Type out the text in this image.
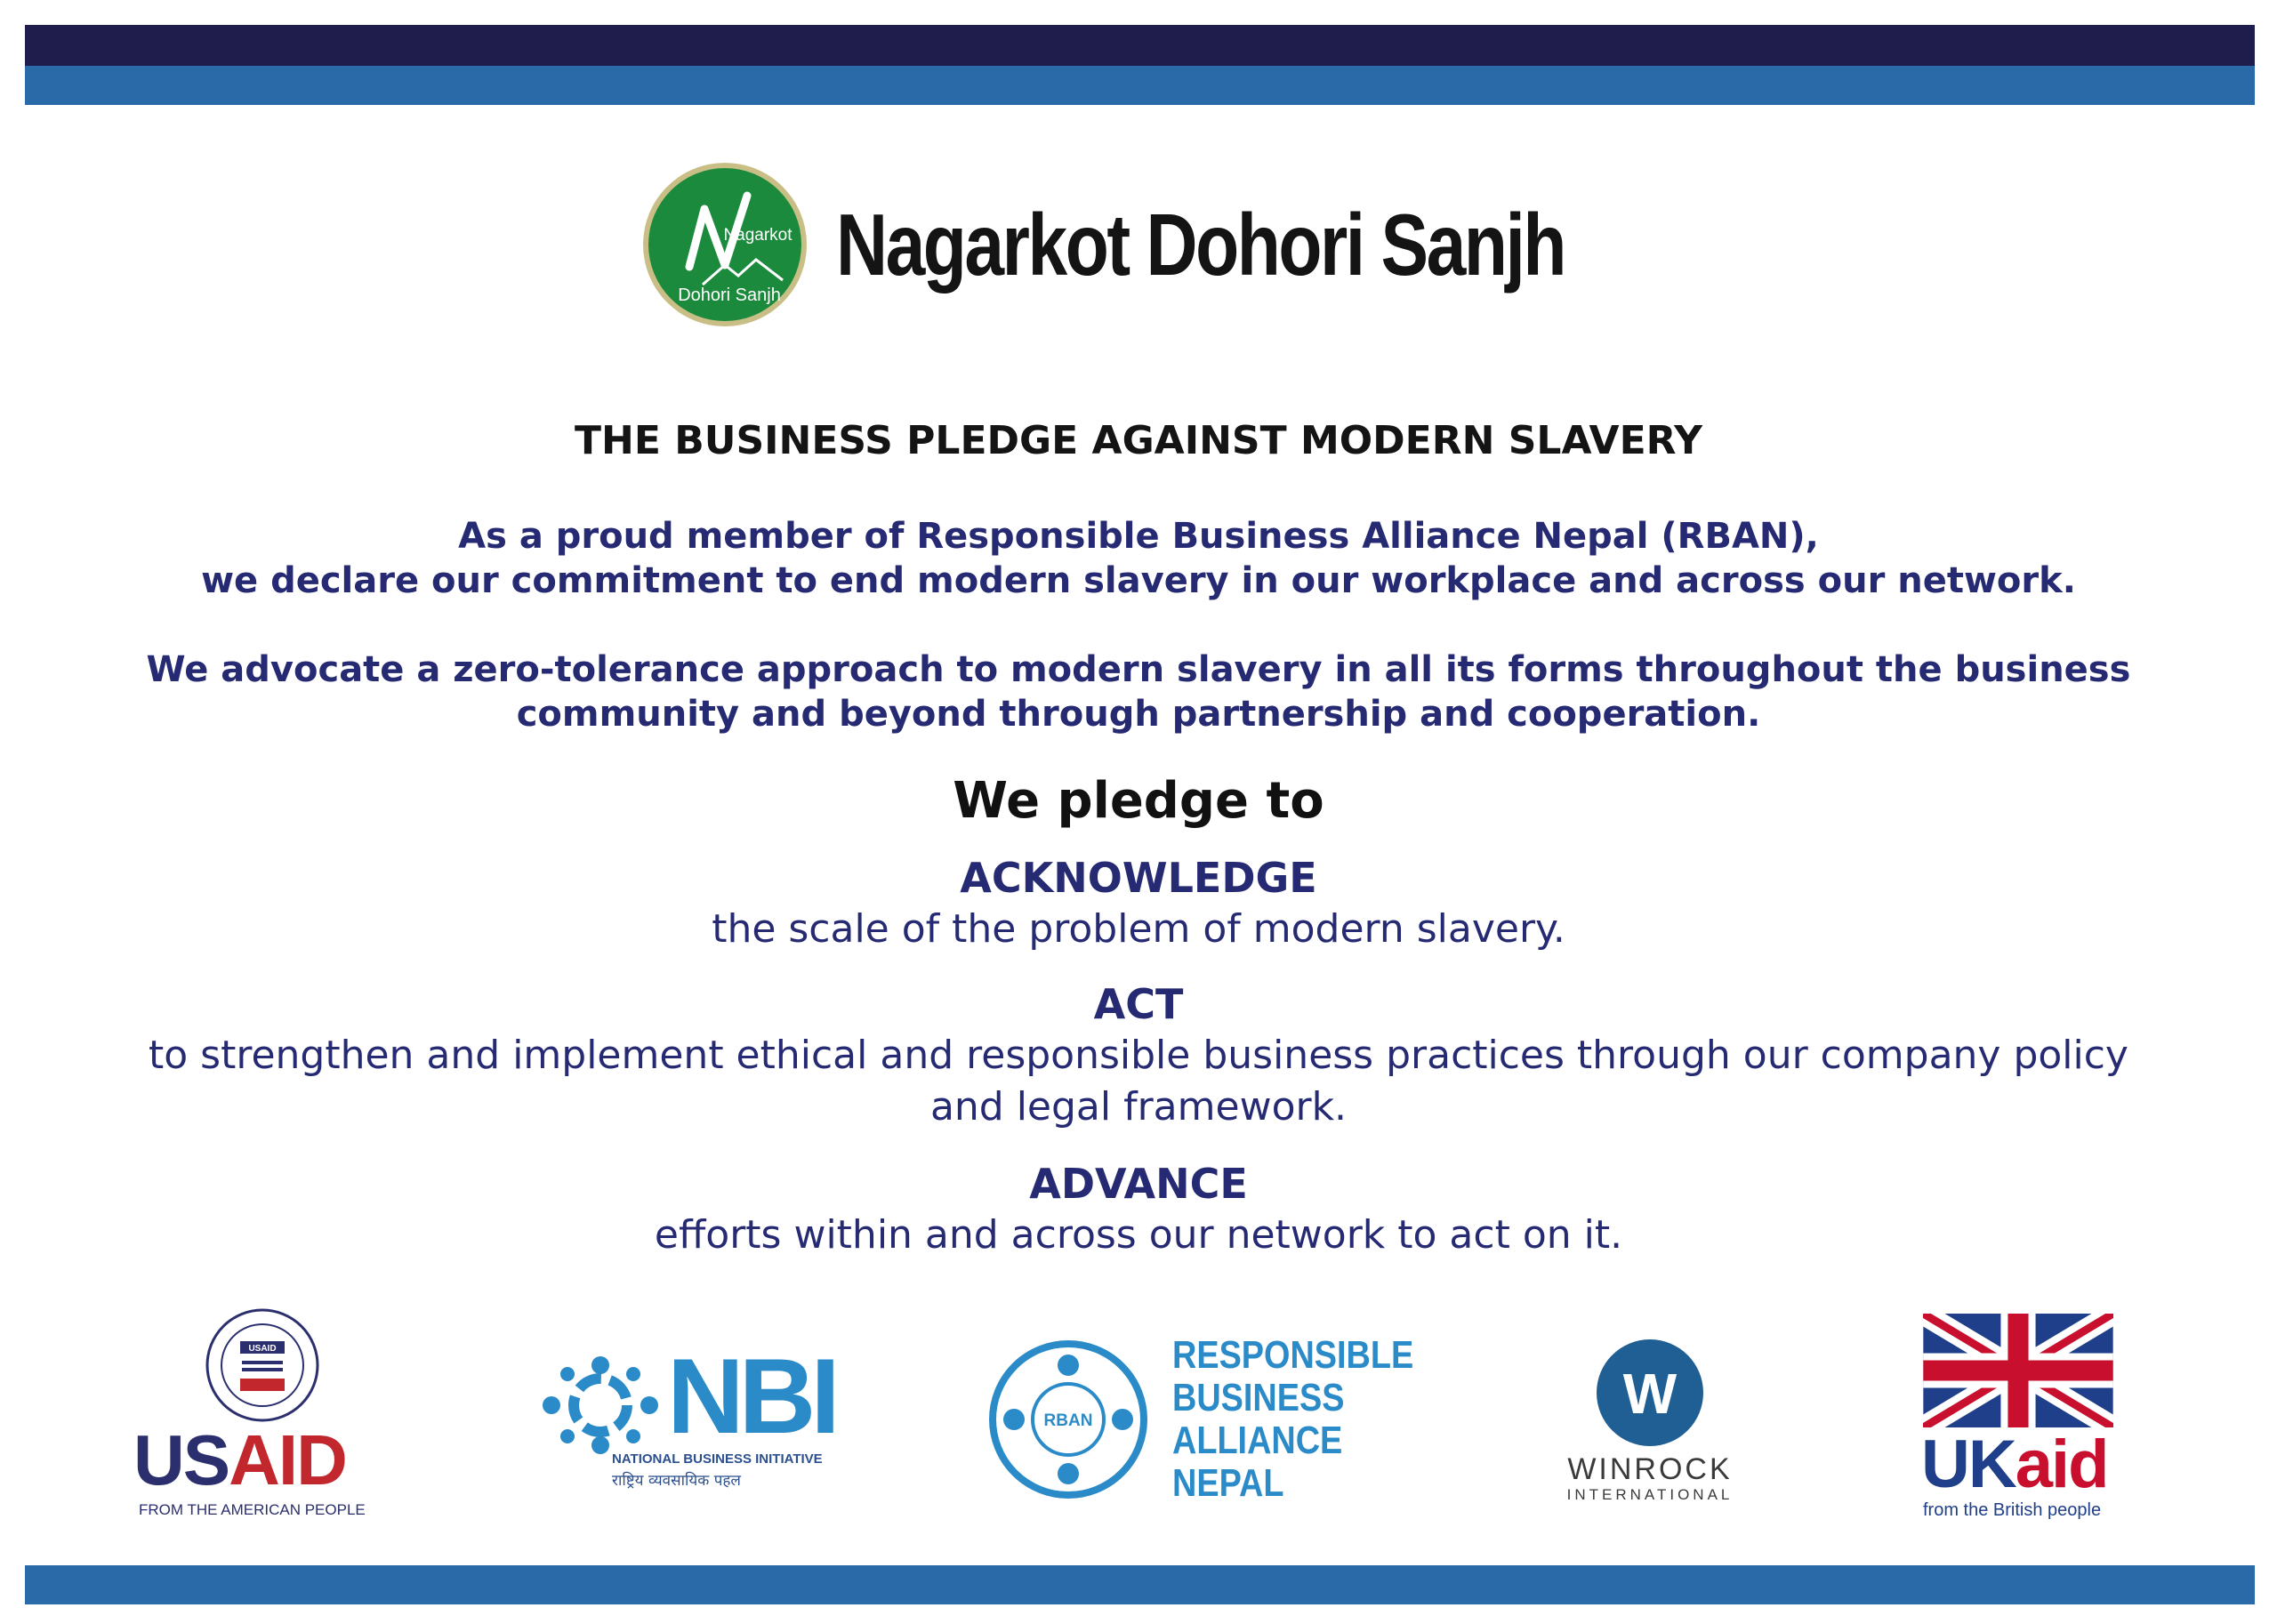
Nagarkot
Dohori Sanjh
Nagarkot Dohori Sanjh
THE BUSINESS PLEDGE AGAINST MODERN SLAVERY
As a proud member of Responsible Business Alliance Nepal (RBAN),
we declare our commitment to end modern slavery in our workplace and across our network.
We advocate a zero-tolerance approach to modern slavery in all its forms throughout the business
community and beyond through partnership and cooperation.
We pledge to
ACKNOWLEDGE
the scale of the problem of modern slavery.
ACT
to strengthen and implement ethical and responsible business practices through our company policy
and legal framework.
ADVANCE
efforts within and across our network to act on it.
USAID
USAID
FROM THE AMERICAN PEOPLE
NBI
NATIONAL BUSINESS INITIATIVE
राष्ट्रिय व्यवसायिक पहल
RBAN
RESPONSIBLE
BUSINESS
ALLIANCE
NEPAL
W
WINROCK
INTERNATIONAL	UKaid
from the British people
